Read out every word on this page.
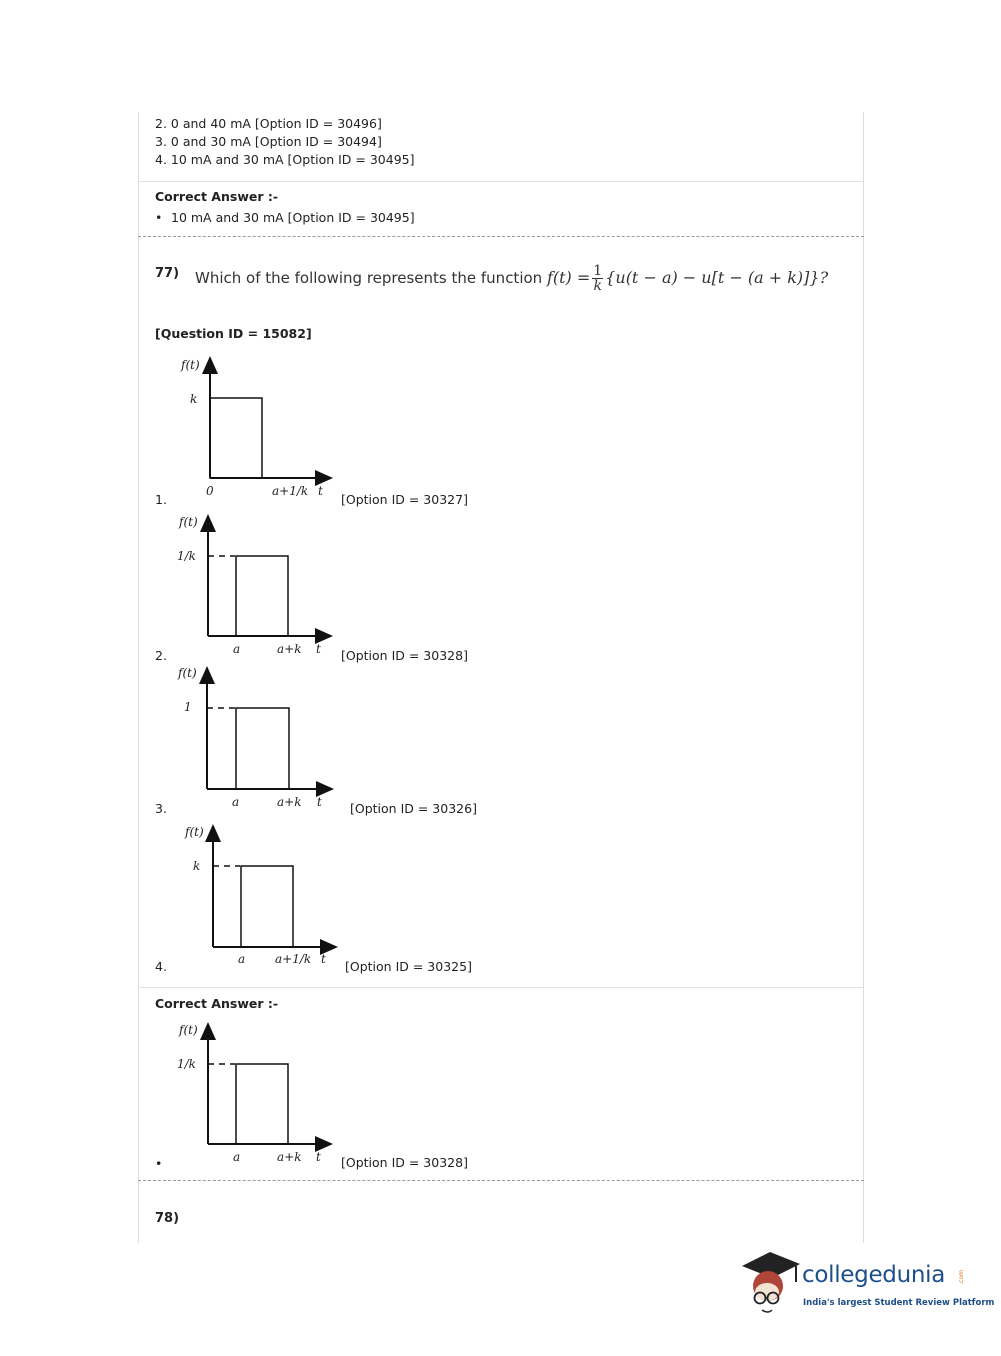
2. 0 and 40 mA [Option ID = 30496]
3. 0 and 30 mA [Option ID = 30494]
4. 10 mA and 30 mA [Option ID = 30495]
Correct Answer :-
• 10 mA and 30 mA [Option ID = 30495]
77) Which of the following represents the function $f(t) = \frac{1}{k} \{u(t - a) - u[t - (a + k)]\}$?
[Question ID = 15082]
f(t)
k
0	a+1/k t
1.	[Option ID = 30327]
f(t)
1/k
a	a+k t
2.	[Option ID = 30328]
f(t)
1
a	a+k t
3.	[Option ID = 30326]
f(t)
k
a a+1/k t
4.	[Option ID = 30325]
Correct Answer :-
f(t)
1/k
a	a+k t
•	[Option ID = 30328]
78)
collegedunia .com
India's largest Student Review Platform
